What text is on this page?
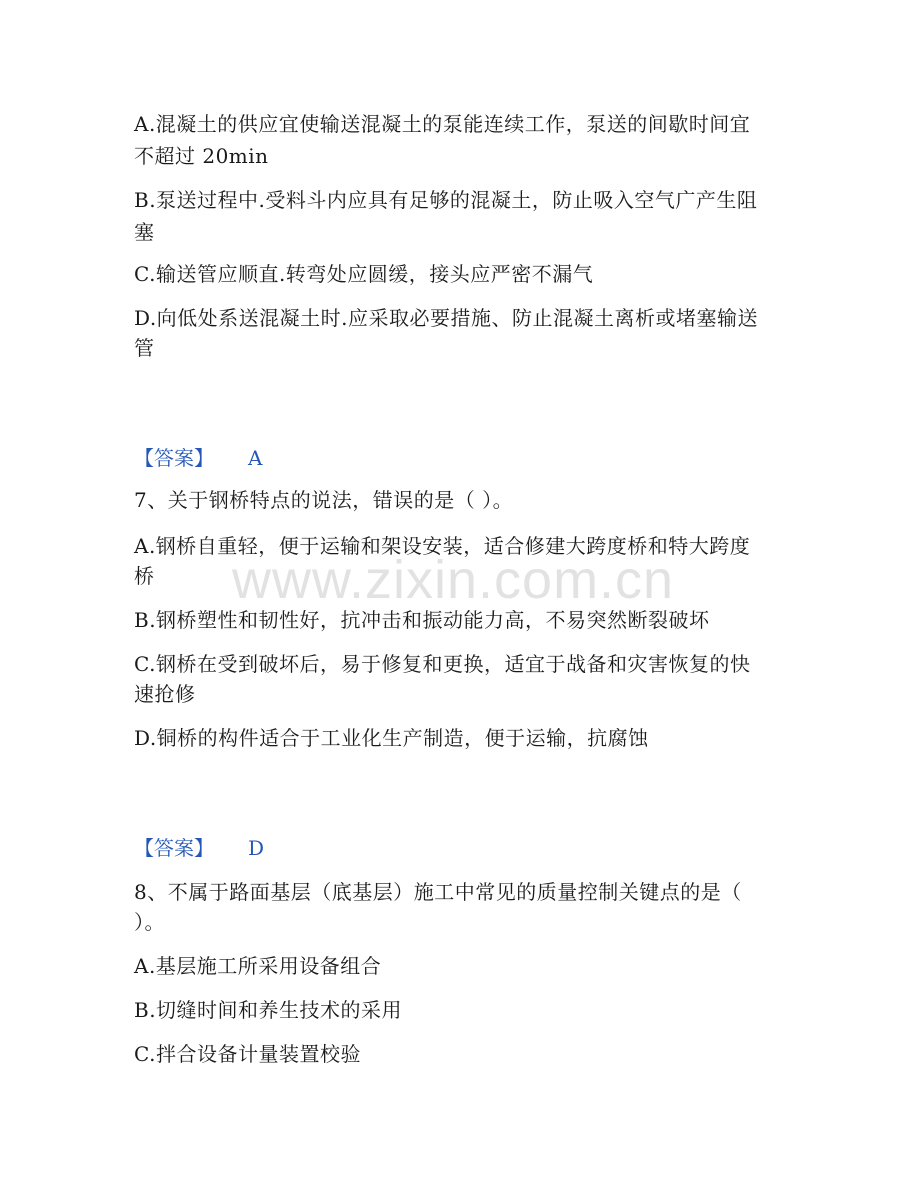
A.混凝土的供应宜使输送混凝土的泵能连续工作，泵送的间歇时间宜
不超过 20min
B.泵送过程中.受料斗内应具有足够的混凝土，防止吸入空气广产生阻
塞
C.输送管应顺直.转弯处应圆缓，接头应严密不漏气
D.向低处系送混凝土时.应采取必要措施、防止混凝土离析或堵塞输送
管
【答案】 A
7、关于钢桥特点的说法，错误的是（ ）。
A.钢桥自重轻，便于运输和架设安装，适合修建大跨度桥和特大跨度
桥
B.钢桥塑性和韧性好，抗冲击和振动能力高，不易突然断裂破坏
C.钢桥在受到破坏后，易于修复和更换，适宜于战备和灾害恢复的快
速抢修
D.铜桥的构件适合于工业化生产制造，便于运输，抗腐蚀
【答案】 D
8、不属于路面基层（底基层）施工中常见的质量控制关键点的是（
）。
A.基层施工所采用设备组合
B.切缝时间和养生技术的采用
C.拌合设备计量装置校验
www.zixin.com.cn
